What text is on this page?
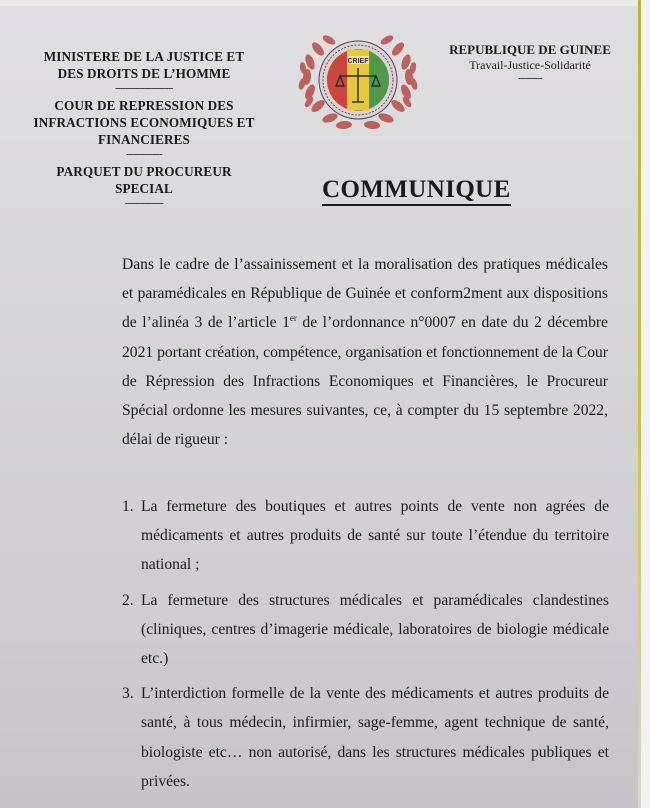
MINISTERE DE LA JUSTICE ET
DES DROITS DE L’HOMME
------------------------
COUR DE REPRESSION DES
INFRACTIONS ECONOMIQUES ET
FINANCIERES
---------------
PARQUET DU PROCUREUR
SPECIAL
----------------
CRIEF
REPUBLIQUE DE GUINEE
Travail-Justice-Solidarité
----------
COMMUNIQUE

Dans le cadre de l’assainissement et la moralisation des pratiques médicales et paramédicales en République de Guinée et conform2ment aux dispositions de l’alinéa 3 de l’article 1er de l’ordonnance n°0007 en date du 2 décembre 2021 portant création, compétence, organisation et fonctionnement de la Cour de Répression des Infractions Economiques et Financières, le Procureur Spécial ordonne les mesures suivantes, ce, à compter du 15 septembre 2022, délai de rigueur :

1. La fermeture des boutiques et autres points de vente non agrées de médicaments et autres produits de santé sur toute l’étendue du territoire national ;
2. La fermeture des structures médicales et paramédicales clandestines (cliniques, centres d’imagerie médicale, laboratoires de biologie médicale etc.)
3. L’interdiction formelle de la vente des médicaments et autres produits de santé, à tous médecin, infirmier, sage-femme, agent technique de santé, biologiste etc… non autorisé, dans les structures médicales publiques et privées.
